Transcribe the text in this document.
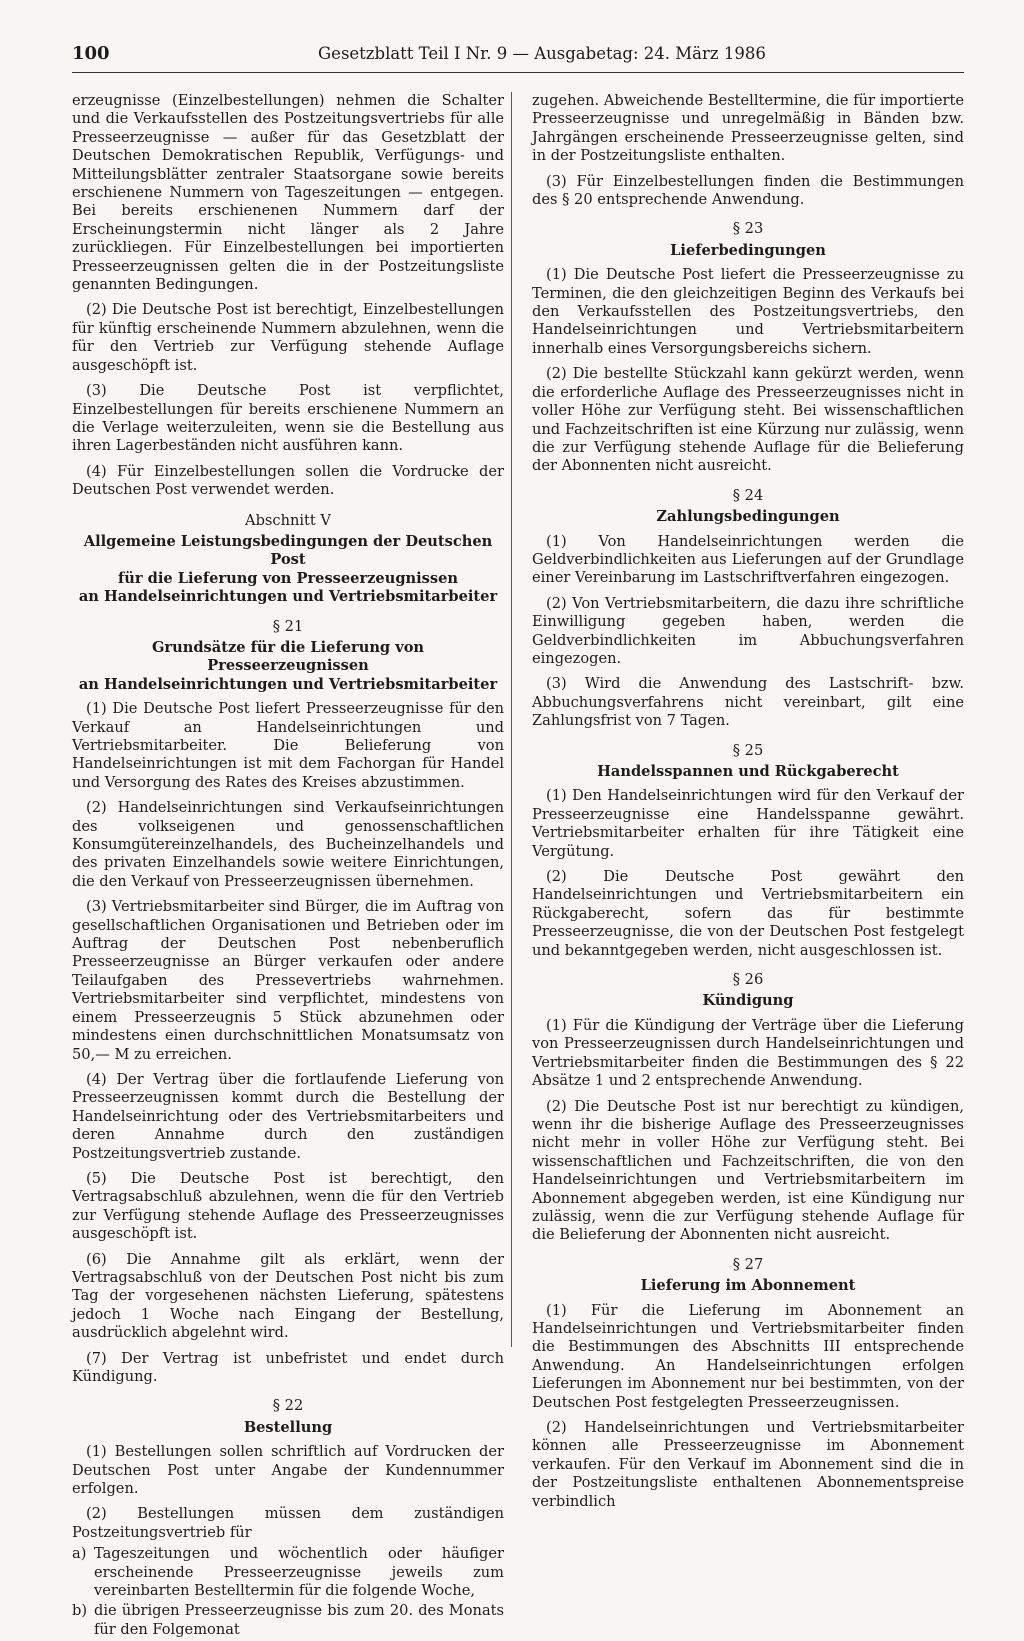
100	Gesetzblatt Teil I Nr. 9 — Ausgabetag: 24. März 1986

erzeugnisse (Einzelbestellungen) nehmen die Schalter und die Verkaufsstellen des Postzeitungsvertriebs für alle Presseerzeugnisse — außer für das Gesetzblatt der Deutschen Demokratischen Republik, Verfügungs- und Mitteilungsblätter zentraler Staatsorgane sowie bereits erschienene Nummern von Tageszeitungen — entgegen. Bei bereits erschienenen Nummern darf der Erscheinungstermin nicht länger als 2 Jahre zurückliegen. Für Einzelbestellungen bei importierten Presseerzeugnissen gelten die in der Postzeitungsliste genannten Bedingungen.

(2) Die Deutsche Post ist berechtigt, Einzelbestellungen für künftig erscheinende Nummern abzulehnen, wenn die für den Vertrieb zur Verfügung stehende Auflage ausgeschöpft ist.

(3) Die Deutsche Post ist verpflichtet, Einzelbestellungen für bereits erschienene Nummern an die Verlage weiterzuleiten, wenn sie die Bestellung aus ihren Lagerbeständen nicht ausführen kann.

(4) Für Einzelbestellungen sollen die Vordrucke der Deutschen Post verwendet werden.

Abschnitt V
Allgemeine Leistungsbedingungen der Deutschen Post
für die Lieferung von Presseerzeugnissen
an Handelseinrichtungen und Vertriebsmitarbeiter
§ 21
Grundsätze für die Lieferung von Presseerzeugnissen
an Handelseinrichtungen und Vertriebsmitarbeiter

(1) Die Deutsche Post liefert Presseerzeugnisse für den Verkauf an Handelseinrichtungen und Vertriebsmitarbeiter. Die Belieferung von Handelseinrichtungen ist mit dem Fachorgan für Handel und Versorgung des Rates des Kreises abzustimmen.

(2) Handelseinrichtungen sind Verkaufseinrichtungen des volkseigenen und genossenschaftlichen Konsumgütereinzelhandels, des Bucheinzelhandels und des privaten Einzelhandels sowie weitere Einrichtungen, die den Verkauf von Presseerzeugnissen übernehmen.

(3) Vertriebsmitarbeiter sind Bürger, die im Auftrag von gesellschaftlichen Organisationen und Betrieben oder im Auftrag der Deutschen Post nebenberuflich Presseerzeugnisse an Bürger verkaufen oder andere Teilaufgaben des Pressevertriebs wahrnehmen. Vertriebsmitarbeiter sind verpflichtet, mindestens von einem Presseerzeugnis 5 Stück abzunehmen oder mindestens einen durchschnittlichen Monatsumsatz von 50,— M zu erreichen.

(4) Der Vertrag über die fortlaufende Lieferung von Presseerzeugnissen kommt durch die Bestellung der Handelseinrichtung oder des Vertriebsmitarbeiters und deren Annahme durch den zuständigen Postzeitungsvertrieb zustande.

(5) Die Deutsche Post ist berechtigt, den Vertragsabschluß abzulehnen, wenn die für den Vertrieb zur Verfügung stehende Auflage des Presseerzeugnisses ausgeschöpft ist.

(6) Die Annahme gilt als erklärt, wenn der Vertragsabschluß von der Deutschen Post nicht bis zum Tag der vorgesehenen nächsten Lieferung, spätestens jedoch 1 Woche nach Eingang der Bestellung, ausdrücklich abgelehnt wird.

(7) Der Vertrag ist unbefristet und endet durch Kündigung.

§ 22
Bestellung

(1) Bestellungen sollen schriftlich auf Vordrucken der Deutschen Post unter Angabe der Kundennummer erfolgen.

(2) Bestellungen müssen dem zuständigen Postzeitungsvertrieb für

a) Tageszeitungen und wöchentlich oder häufiger erscheinende Presseerzeugnisse jeweils zum vereinbarten Bestelltermin für die folgende Woche,
b) die übrigen Presseerzeugnisse bis zum 20. des Monats für den Folgemonat

zugehen. Abweichende Bestelltermine, die für importierte Presseerzeugnisse und unregelmäßig in Bänden bzw. Jahrgängen erscheinende Presseerzeugnisse gelten, sind in der Postzeitungsliste enthalten.

(3) Für Einzelbestellungen finden die Bestimmungen des § 20 entsprechende Anwendung.

§ 23
Lieferbedingungen

(1) Die Deutsche Post liefert die Presseerzeugnisse zu Terminen, die den gleichzeitigen Beginn des Verkaufs bei den Verkaufsstellen des Postzeitungsvertriebs, den Handelseinrichtungen und Vertriebsmitarbeitern innerhalb eines Versorgungsbereichs sichern.

(2) Die bestellte Stückzahl kann gekürzt werden, wenn die erforderliche Auflage des Presseerzeugnisses nicht in voller Höhe zur Verfügung steht. Bei wissenschaftlichen und Fachzeitschriften ist eine Kürzung nur zulässig, wenn die zur Verfügung stehende Auflage für die Belieferung der Abonnenten nicht ausreicht.

§ 24
Zahlungsbedingungen

(1) Von Handelseinrichtungen werden die Geldverbindlichkeiten aus Lieferungen auf der Grundlage einer Vereinbarung im Lastschriftverfahren eingezogen.

(2) Von Vertriebsmitarbeitern, die dazu ihre schriftliche Einwilligung gegeben haben, werden die Geldverbindlichkeiten im Abbuchungsverfahren eingezogen.

(3) Wird die Anwendung des Lastschrift- bzw. Abbuchungsverfahrens nicht vereinbart, gilt eine Zahlungsfrist von 7 Tagen.

§ 25
Handelsspannen und Rückgaberecht

(1) Den Handelseinrichtungen wird für den Verkauf der Presseerzeugnisse eine Handelsspanne gewährt. Vertriebsmitarbeiter erhalten für ihre Tätigkeit eine Vergütung.

(2) Die Deutsche Post gewährt den Handelseinrichtungen und Vertriebsmitarbeitern ein Rückgaberecht, sofern das für bestimmte Presseerzeugnisse, die von der Deutschen Post festgelegt und bekanntgegeben werden, nicht ausgeschlossen ist.

§ 26
Kündigung

(1) Für die Kündigung der Verträge über die Lieferung von Presseerzeugnissen durch Handelseinrichtungen und Vertriebsmitarbeiter finden die Bestimmungen des § 22 Absätze 1 und 2 entsprechende Anwendung.

(2) Die Deutsche Post ist nur berechtigt zu kündigen, wenn ihr die bisherige Auflage des Presseerzeugnisses nicht mehr in voller Höhe zur Verfügung steht. Bei wissenschaftlichen und Fachzeitschriften, die von den Handelseinrichtungen und Vertriebsmitarbeitern im Abonnement abgegeben werden, ist eine Kündigung nur zulässig, wenn die zur Verfügung stehende Auflage für die Belieferung der Abonnenten nicht ausreicht.

§ 27
Lieferung im Abonnement

(1) Für die Lieferung im Abonnement an Handelseinrichtungen und Vertriebsmitarbeiter finden die Bestimmungen des Abschnitts III entsprechende Anwendung. An Handelseinrichtungen erfolgen Lieferungen im Abonnement nur bei bestimmten, von der Deutschen Post festgelegten Presseerzeugnissen.

(2) Handelseinrichtungen und Vertriebsmitarbeiter können alle Presseerzeugnisse im Abonnement verkaufen. Für den Verkauf im Abonnement sind die in der Postzeitungsliste enthaltenen Abonnementspreise verbindlich
